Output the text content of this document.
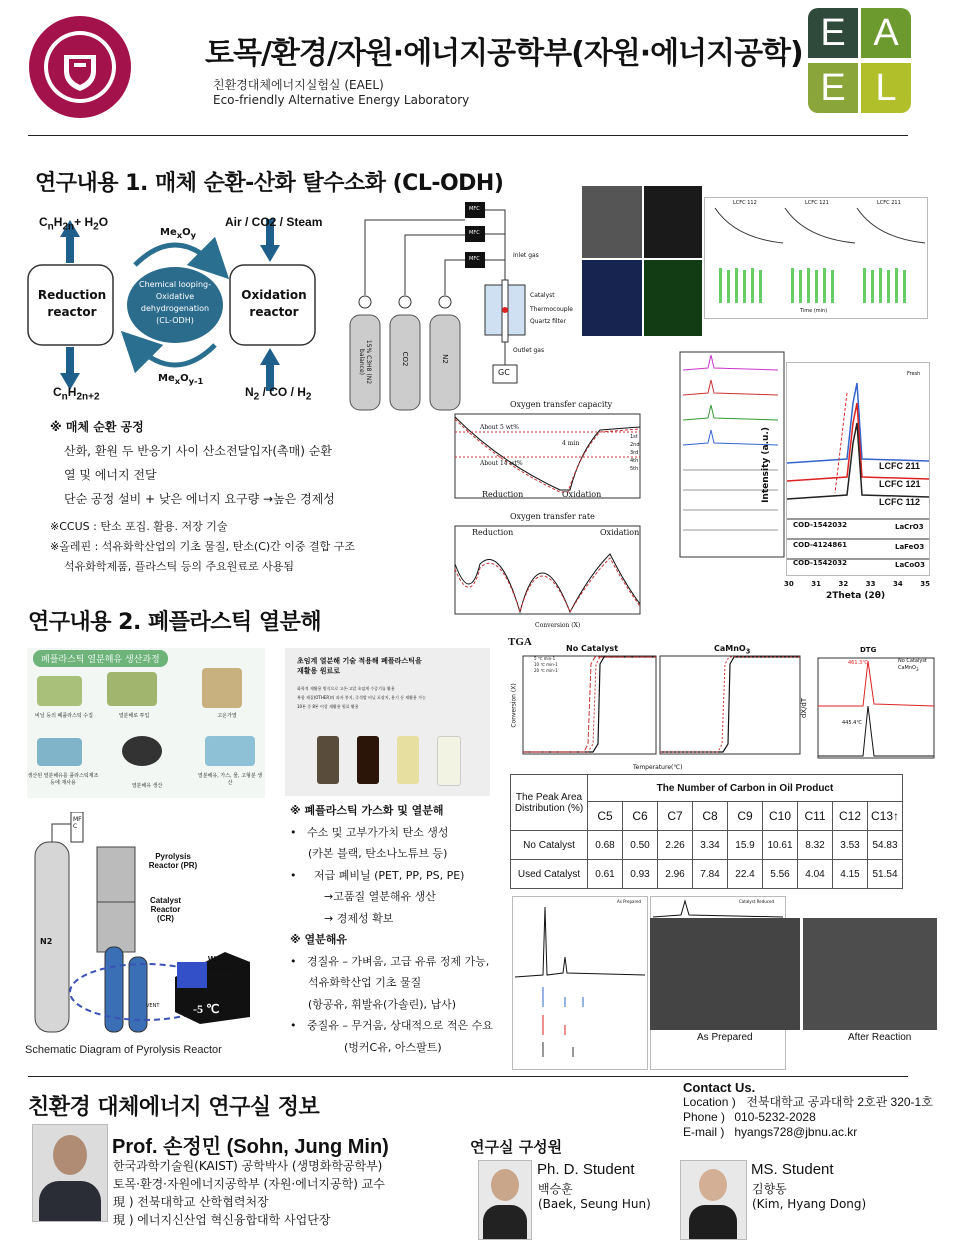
토목/환경/자원·에너지공학부(자원·에너지공학)
친환경대체에너지실험실 (EAEL)
Eco-friendly Alternative Energy Laboratory
E A
E L
연구내용 1. 매체 순환-산화 탈수소화 (CL-ODH)
$C_nH_{2n}+ H_2O$	Air / CO2 / Steam
$C_nH_{2n+2}$	$N_2$ / CO / $H_2$
$Me_xO_y$
$Me_xO_{y-1}$
Reduction reactor
Oxidation reactor
Chemical looping-Oxidative dehydrogenation (CL-ODH)
MFC
MFC
MFC	Inlet gas
Catalyst
Thermocouple
Quartz filter
Outlet gas
GC
15% C3H8 (N2 balance)	CO2	N2
LCFC 112	LCFC 121	LCFC 211
Time (min)
※ 매체 순환 공정
산화, 환원 두 반응기 사이 산소전달입자(촉매) 순환
열 및 에너지 전달
단순 공정 설비 + 낮은 에너지 요구량 →높은 경제성
※CCUS : 탄소 포집. 활용. 저장 기술
※올레핀 : 석유화학산업의 기초 물질, 탄소(C)간 이중 결합 구조
석유화학제품, 플라스틱 등의 주요원료로 사용됨
Oxygen transfer capacity
About 5 wt%
About 14 wt%
4 min
Reduction	Oxidation
1st
2nd
3rd
4th
5th
Oxygen transfer rate
Reduction	Oxidation
Conversion (X)
Fresh
LCFC 211
LCFC 121
LCFC 112
COD-1542032	LaCrO3
COD-4124861	LaFeO3
COD-1542032	LaCoO3
Intensity (a.u.)
30	31	32	33	34	35
2Theta (2θ)
연구내용 2. 폐플라스틱 열분해
폐플라스틱 열분해유 생산과정
비닐 등의 폐플라스틱 수집	열분해로 투입	고온가열
생산된 열분해유를 플라스틱제조 등에 재사용	열분해유 생산
열분해유, 가스, 물, 고형분 생산
초임계 열분해 기술 적용해 폐플라스틱을 재활용 원료로
화학적 재활용 방식으로 고온·고압 초임계 수증기를 활용
복합 재질(OTHER)의 과자 봉지, 즉석밥 비닐 포장지, 용기 등 재활용 가능
10톤 중 8톤 이상 재활용 원료 활용
MFC
Pyrolysis Reactor (PR)
Catalyst Reactor (CR)
N2
Water Chiller
-5 ℃
VENT
Schematic Diagram of Pyrolysis Reactor
※ 폐플라스틱 가스화 및 열분해
• 수소 및 고부가가치 탄소 생성
(카본 블랙, 탄소나노튜브 등)
• 저급 폐비닐 (PET, PP, PS, PE)
→고품질 열분해유 생산
→ 경제성 확보
※ 열분해유
• 경질유 – 가벼움, 고급 유류 정제 가능,
석유화학산업 기초 물질
(항공유, 휘발유(가솔린), 납사)
• 중질유 – 무거움, 상대적으로 적은 수요
(벙커C유, 아스팔트)
TGA
No Catalyst	CaMnO$_3$
5 ℃ min-1
10 ℃ min-1
20 ℃ min-1
Conversion (X)
Temperature(℃)
DTG
No Catalyst
CaMnO$_3$
461.3℃
445.4℃
dX/dT
The Peak Area Distribution (%)	The Number of Carbon in Oil Product								
	C5	C6	C7	C8	C9	C10	C11	C12	C13↑
No Catalyst	0.68	0.50	2.26	3.34	15.9	10.61	8.32	3.53	54.83
Used Catalyst	0.61	0.93	2.96	7.84	22.4	5.56	4.04	4.15	51.54
As Prepared	Catalyst Reduced
As Prepared	After Reaction
친환경 대체에너지 연구실 정보
Contact Us.
Location ) 전북대학교 공과대학 2호관 320-1호
Phone ) 010-5232-2028
E-mail ) hyangs728@jbnu.ac.kr
Prof. 손정민 (Sohn, Jung Min)
한국과학기술원(KAIST) 공학박사 (생명화학공학부)
토목·환경·자원에너지공학부 (자원·에너지공학) 교수
現 ) 전북대학교 산학협력처장
現 ) 에너지신산업 혁신융합대학 사업단장
연구실 구성원
Ph. D. Student
백승훈
(Baek, Seung Hun)
MS. Student
김향동
(Kim, Hyang Dong)
